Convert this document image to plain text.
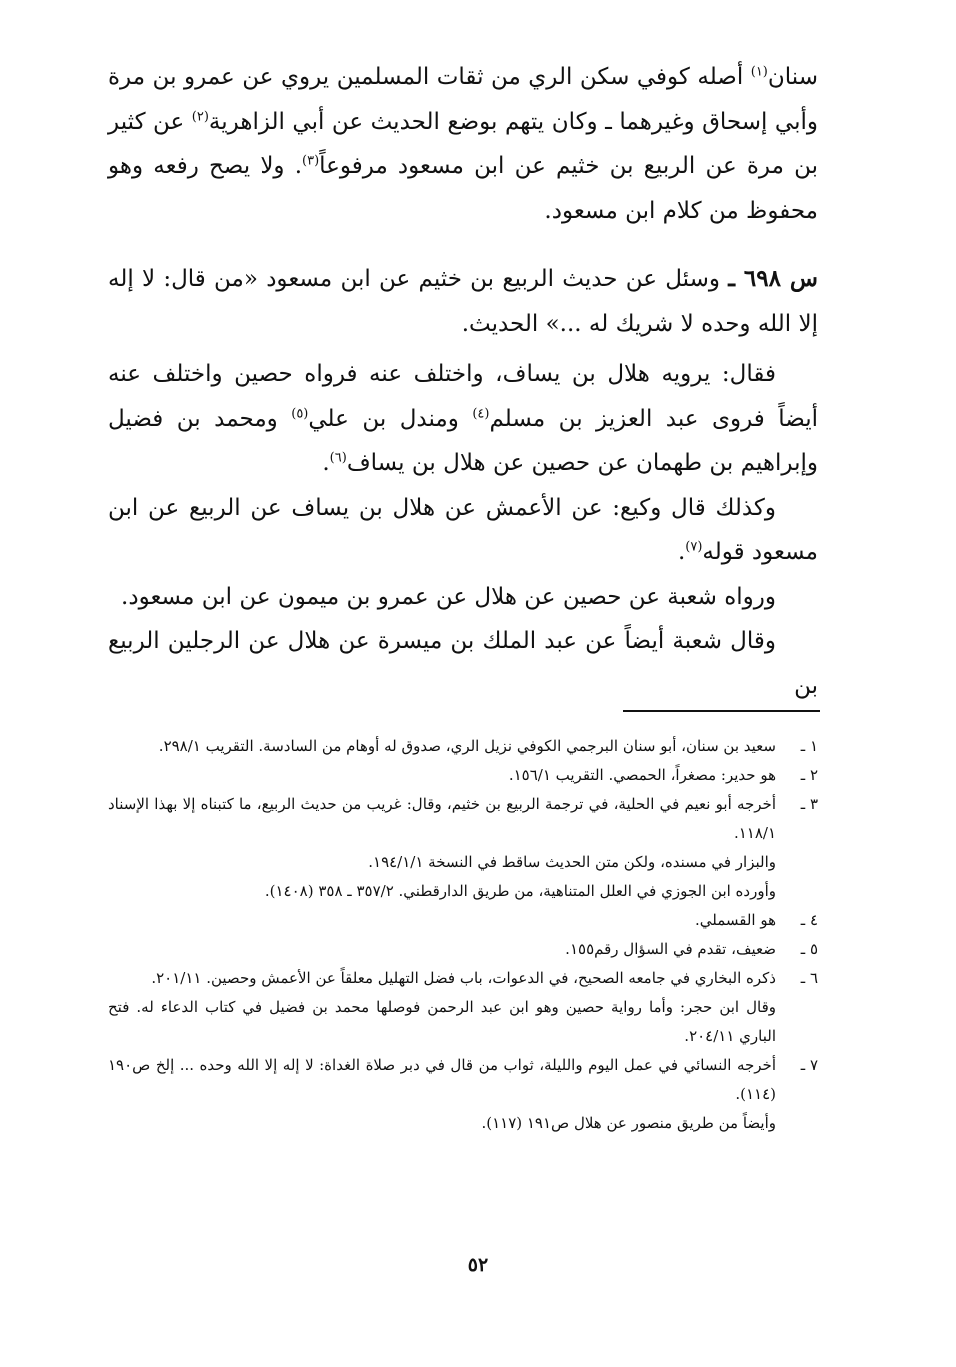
سنان$^{(١)}$ أصله كوفي سكن الري من ثقات المسلمين يروي عن عمرو بن مرة وأبي إسحاق وغيرهما ـ وكان يتهم بوضع الحديث عن أبي الزاهرية$^{(٢)}$ عن كثير بن مرة عن الربيع بن خثيم عن ابن مسعود مرفوعاً$^{(٣)}$. ولا يصح رفعه وهو محفوظ من كلام ابن مسعود.

س ٦٩٨ ـ وسئل عن حديث الربيع بن خثيم عن ابن مسعود «من قال: لا إله إلا الله وحده لا شريك له ...» الحديث.

فقال: يرويه هلال بن يساف، واختلف عنه فرواه حصين واختلف عنه أيضاً فروى عبد العزيز بن مسلم$^{(٤)}$ ومندل بن علي$^{(٥)}$ ومحمد بن فضيل وإبراهيم بن طهمان عن حصين عن هلال بن يساف$^{(٦)}$.

وكذلك قال وكيع: عن الأعمش عن هلال بن يساف عن الربيع عن ابن مسعود قوله$^{(٧)}$.

ورواه شعبة عن حصين عن هلال عن عمرو بن ميمون عن ابن مسعود.

وقال شعبة أيضاً عن عبد الملك بن ميسرة عن هلال عن الرجلين الربيع بن

١ ـ
سعيد بن سنان، أبو سنان البرجمي الكوفي نزيل الري، صدوق له أوهام من السادسة. التقريب ٢٩٨/١.
٢ ـ
هو حدير: مصغراً، الحمصي. التقريب ١٥٦/١.
٣ ـ
أخرجه أبو نعيم في الحلية، في ترجمة الربيع بن خثيم، وقال: غريب من حديث الربيع، ما كتبناه إلا بهذا الإسناد ١١٨/١.
والبزار في مسنده، ولكن متن الحديث ساقط في النسخة ١٩٤/١/١.
وأورده ابن الجوزي في العلل المتناهية، من طريق الدارقطني. ٣٥٧/٢ ـ ٣٥٨ (١٤٠٨).
٤ ـ
هو القسملي.
٥ ـ
ضعيف، تقدم في السؤال رقم١٥٥.
٦ ـ
ذكره البخاري في جامعه الصحيح، في الدعوات، باب فضل التهليل معلقاً عن الأعمش وحصين. ٢٠١/١١.
وقال ابن حجر: وأما رواية حصين وهو ابن عبد الرحمن فوصلها محمد بن فضيل في كتاب الدعاء له. فتح الباري ٢٠٤/١١.
٧ ـ
أخرجه النسائي في عمل اليوم والليلة، ثواب من قال في دبر صلاة الغداة: لا إله إلا الله وحده ... إلخ ص١٩٠ (١١٤).
وأيضاً من طريق منصور عن هلال ص١٩١ (١١٧).
٥٢
